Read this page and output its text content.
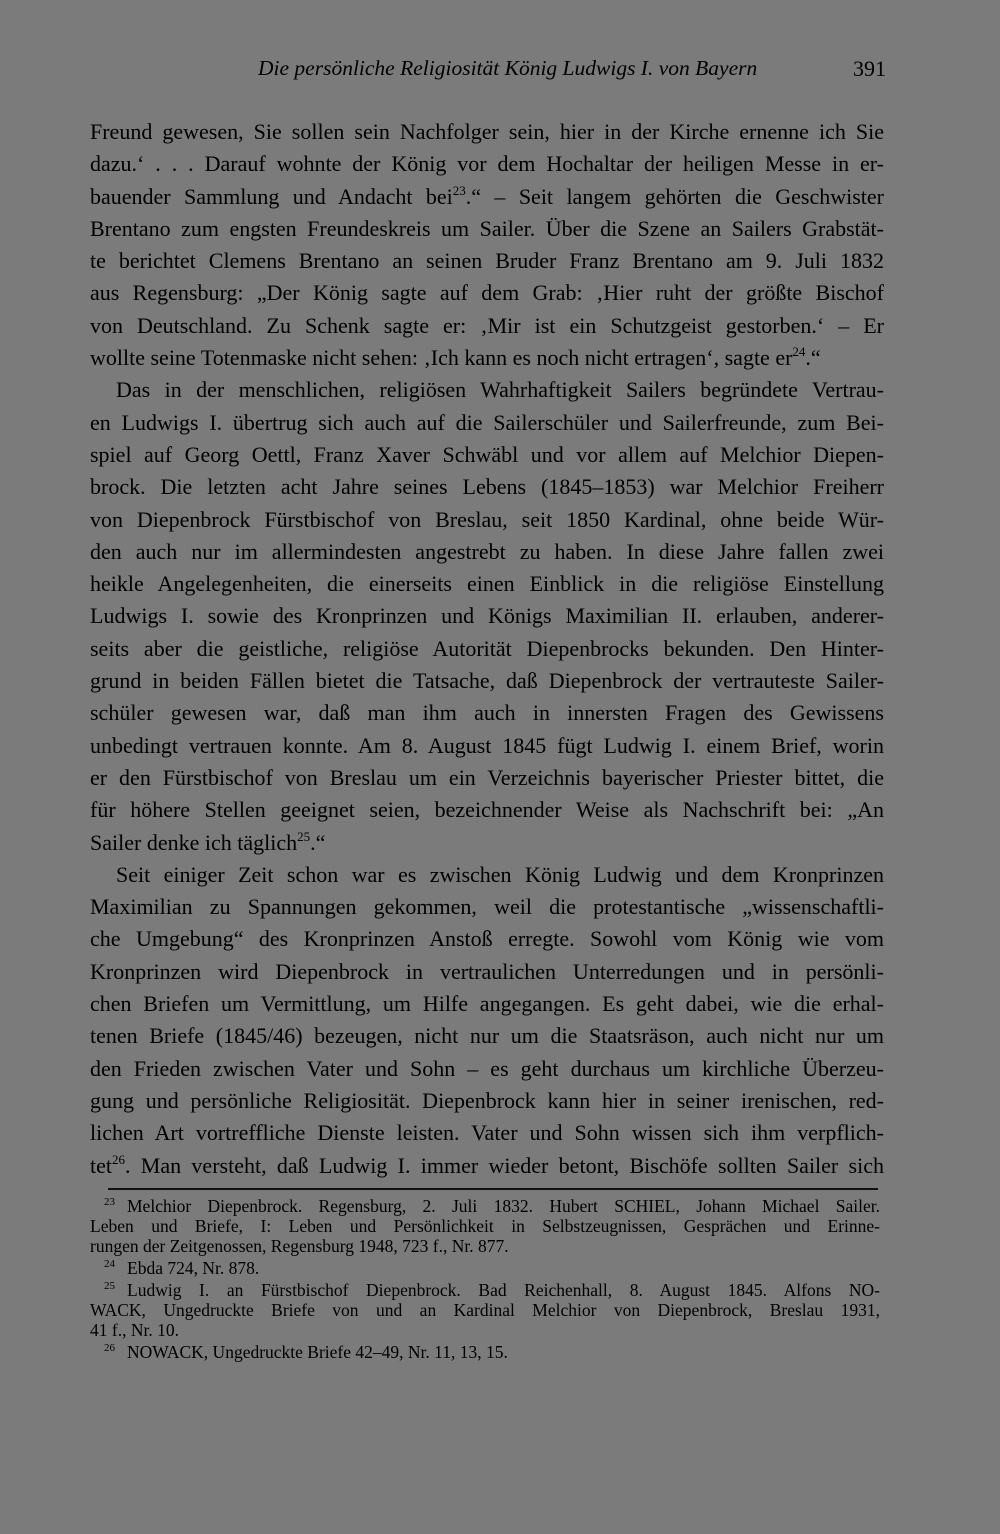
Die persönliche Religiosität König Ludwigs I. von Bayern	391
Freund gewesen, Sie sollen sein Nachfolger sein, hier in der Kirche ernenne ich Sie
dazu.‘ . . . Darauf wohnte der König vor dem Hochaltar der heiligen Messe in er-
bauender Sammlung und Andacht bei$^{23}$.“ – Seit langem gehörten die Geschwister
Brentano zum engsten Freundeskreis um Sailer. Über die Szene an Sailers Grabstät-
te berichtet Clemens Brentano an seinen Bruder Franz Brentano am 9. Juli 1832
aus Regensburg: „Der König sagte auf dem Grab: ‚Hier ruht der größte Bischof
von Deutschland. Zu Schenk sagte er: ‚Mir ist ein Schutzgeist gestorben.‘ – Er
wollte seine Totenmaske nicht sehen: ‚Ich kann es noch nicht ertragen‘, sagte $er^{24}.“$
Das in der menschlichen, religiösen Wahrhaftigkeit Sailers begründete Vertrau-
en Ludwigs I. übertrug sich auch auf die Sailerschüler und Sailerfreunde, zum Bei-
spiel auf Georg Oettl, Franz Xaver Schwäbl und vor allem auf Melchior Diepen-
brock. Die letzten acht Jahre seines Lebens (1845–1853) war Melchior Freiherr
von Diepenbrock Fürstbischof von Breslau, seit 1850 Kardinal, ohne beide Wür-
den auch nur im allermindesten angestrebt zu haben. In diese Jahre fallen zwei
heikle Angelegenheiten, die einerseits einen Einblick in die religiöse Einstellung
Ludwigs I. sowie des Kronprinzen und Königs Maximilian II. erlauben, anderer-
seits aber die geistliche, religiöse Autorität Diepenbrocks bekunden. Den Hinter-
grund in beiden Fällen bietet die Tatsache, daß Diepenbrock der vertrauteste Sailer-
schüler gewesen war, daß man ihm auch in innersten Fragen des Gewissens
unbedingt vertrauen konnte. Am 8. August 1845 fügt Ludwig I. einem Brief, worin
er den Fürstbischof von Breslau um ein Verzeichnis bayerischer Priester bittet, die
für höhere Stellen geeignet seien, bezeichnender Weise als Nachschrift bei: „An
Sailer denke ich täglich$^{25}$.“
Seit einiger Zeit schon war es zwischen König Ludwig und dem Kronprinzen
Maximilian zu Spannungen gekommen, weil die protestantische „wissenschaftli-
che Umgebung“ des Kronprinzen Anstoß erregte. Sowohl vom König wie vom
Kronprinzen wird Diepenbrock in vertraulichen Unterredungen und in persönli-
chen Briefen um Vermittlung, um Hilfe angegangen. Es geht dabei, wie die erhal-
tenen Briefe (1845/46) bezeugen, nicht nur um die Staatsräson, auch nicht nur um
den Frieden zwischen Vater und Sohn – es geht durchaus um kirchliche Überzeu-
gung und persönliche Religiosität. Diepenbrock kann hier in seiner irenischen, red-
lichen Art vortreffliche Dienste leisten. Vater und Sohn wissen sich ihm verpflich-
tet$^{26}$. Man versteht, daß Ludwig I. immer wieder betont, Bischöfe sollten Sailer sich
$^{23}$ Melchior Diepenbrock. Regensburg, 2. Juli 1832. Hubert SCHIEL, Johann Michael Sailer.
Leben und Briefe, I: Leben und Persönlichkeit in Selbstzeugnissen, Gesprächen und Erinne-
rungen der Zeitgenossen, Regensburg 1948, 723 f., Nr. 877.
$^{24}$ Ebda 724, Nr. 878.
$^{25}$ Ludwig I. an Fürstbischof Diepenbrock. Bad Reichenhall, 8. August 1845. Alfons NO-
WACK, Ungedruckte Briefe von und an Kardinal Melchior von Diepenbrock, Breslau 1931,
41 f., Nr. 10.
$^{26}$ NOWACK, Ungedruckte Briefe 42–49, Nr. 11, 13, 15.
